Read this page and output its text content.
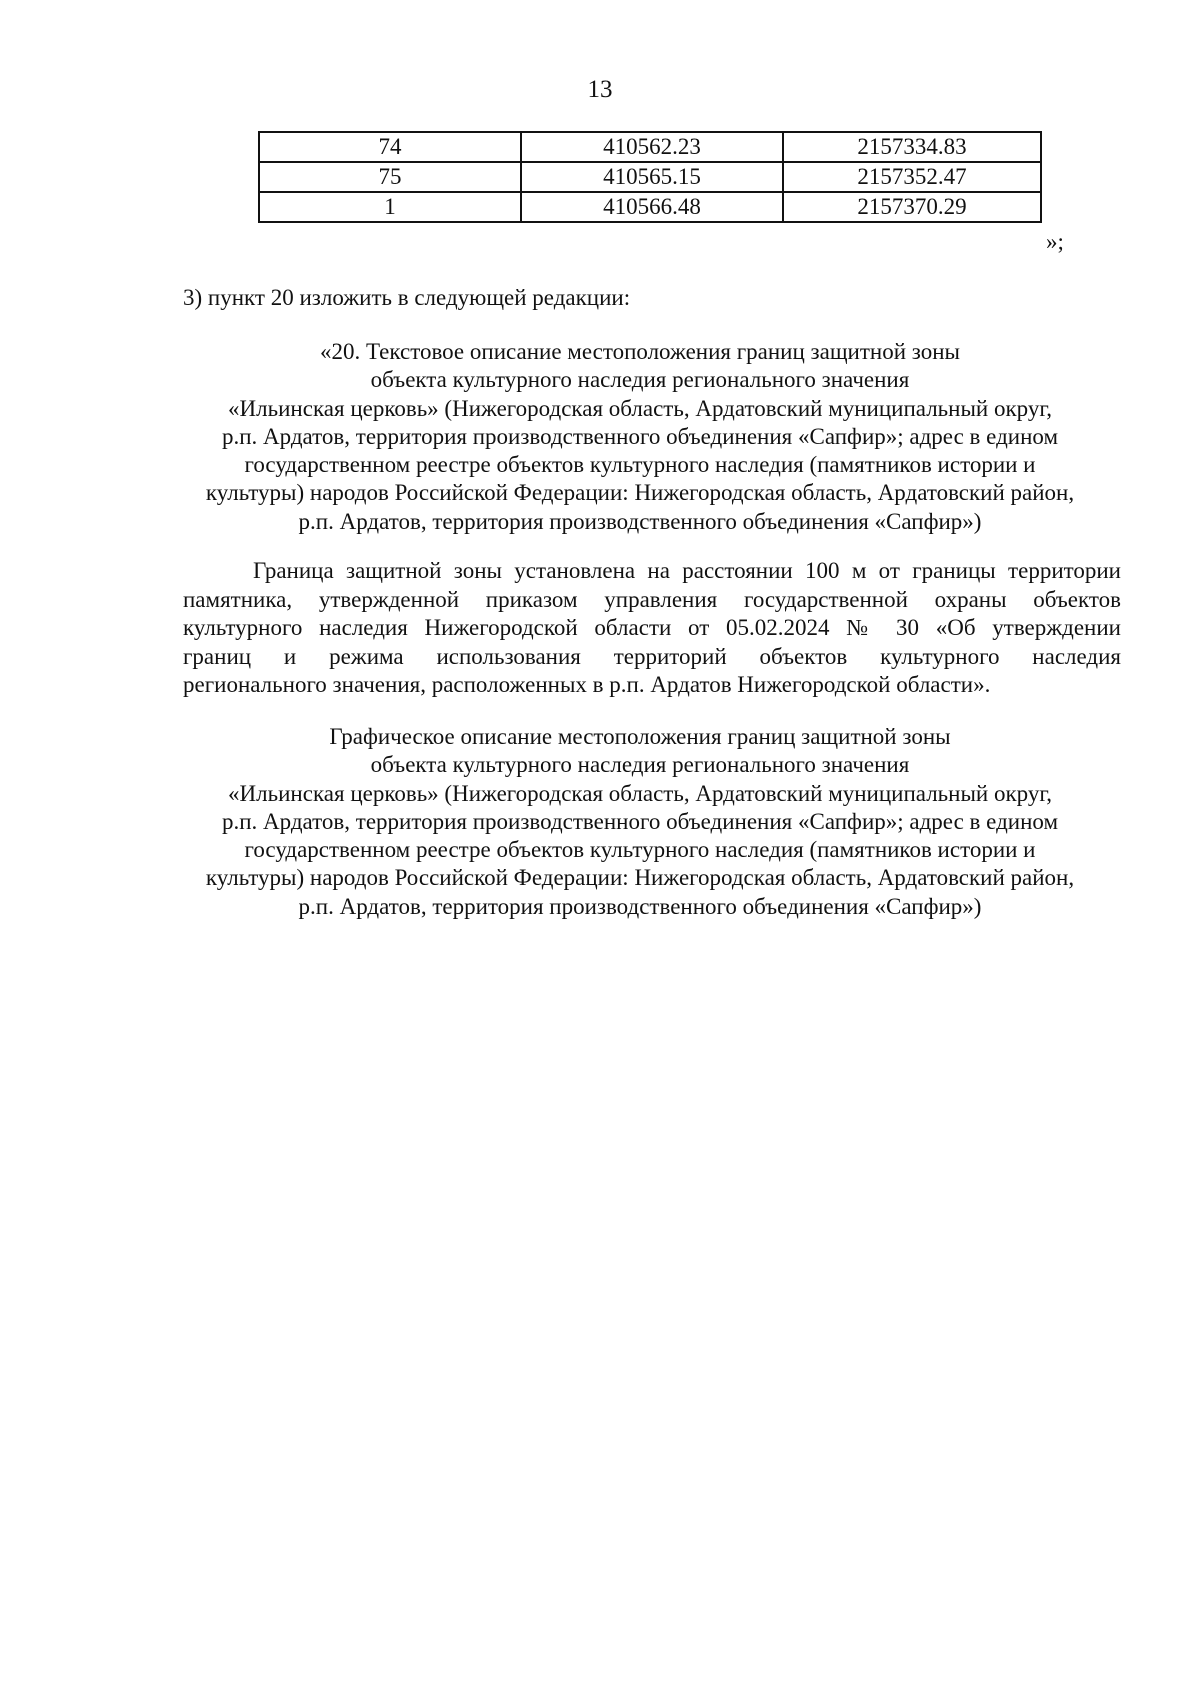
13
74	410562.23	2157334.83
75	410565.15	2157352.47
1	410566.48	2157370.29
»;
3) пункт 20 изложить в следующей редакции:
«20. Текстовое описание местоположения границ защитной зоны
объекта культурного наследия регионального значения
«Ильинская церковь» (Нижегородская область, Ардатовский муниципальный округ,
р.п. Ардатов, территория производственного объединения «Сапфир»; адрес в едином
государственном реестре объектов культурного наследия (памятников истории и
культуры) народов Российской Федерации: Нижегородская область, Ардатовский район,
р.п. Ардатов, территория производственного объединения «Сапфир»)
Граница защитной зоны установлена на расстоянии 100 м от границы территории
памятника, утвержденной приказом управления государственной охраны объектов
культурного наследия Нижегородской области от 05.02.2024 № 30 «Об утверждении
границ и режима использования территорий объектов культурного наследия
регионального значения, расположенных в р.п. Ардатов Нижегородской области».
Графическое описание местоположения границ защитной зоны
объекта культурного наследия регионального значения
«Ильинская церковь» (Нижегородская область, Ардатовский муниципальный округ,
р.п. Ардатов, территория производственного объединения «Сапфир»; адрес в едином
государственном реестре объектов культурного наследия (памятников истории и
культуры) народов Российской Федерации: Нижегородская область, Ардатовский район,
р.п. Ардатов, территория производственного объединения «Сапфир»)
